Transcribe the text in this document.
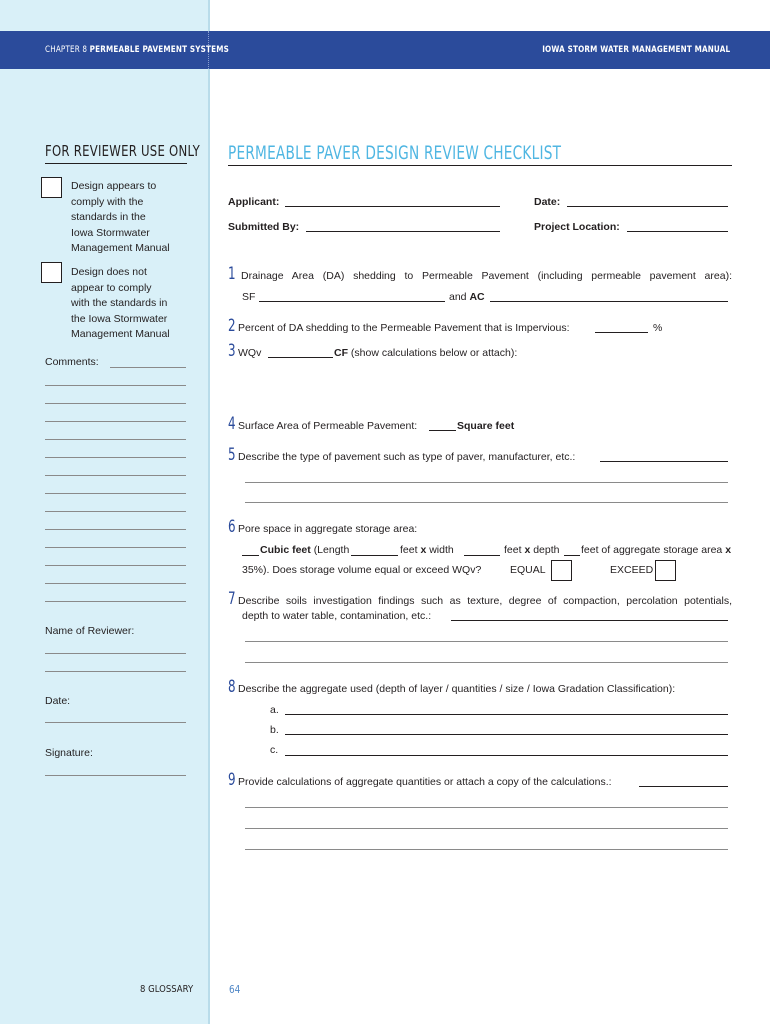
CHAPTER 8 PERMEABLE PAVEMENT SYSTEMS	IOWA STORM WATER MANAGEMENT MANUAL
FOR REVIEWER USE ONLY
Design appears to
comply with the
standards in the
Iowa Stormwater
Management Manual
Design does not
appear to comply
with the standards in
the Iowa Stormwater
Management Manual
Comments:
Name of Reviewer:
Date:
Signature:
8 GLOSSARY	64
PERMEABLE PAVER DESIGN REVIEW CHECKLIST
Applicant:	Date:
Submitted By:	Project Location:
1 Drainage Area (DA) shedding to Permeable Pavement (including permeable pavement area):
SF	and AC
2 Percent of DA shedding to the Permeable Pavement that is Impervious:	%
3 WQv	CF (show calculations below or attach):
4 Surface Area of Permeable Pavement:	Square feet
5 Describe the type of pavement such as type of paver, manufacturer, etc.:
6 Pore space in aggregate storage area:
Cubic feet (Length	feet x width	feet x depth feet of aggregate storage area x
35%). Does storage volume equal or exceed WQv?	EQUAL	EXCEED
7 Describe soils investigation findings such as texture, degree of compaction, percolation potentials,
depth to water table, contamination, etc.:
8 Describe the aggregate used (depth of layer / quantities / size / Iowa Gradation Classification):
a.
b.
c.
9 Provide calculations of aggregate quantities or attach a copy of the calculations.:
